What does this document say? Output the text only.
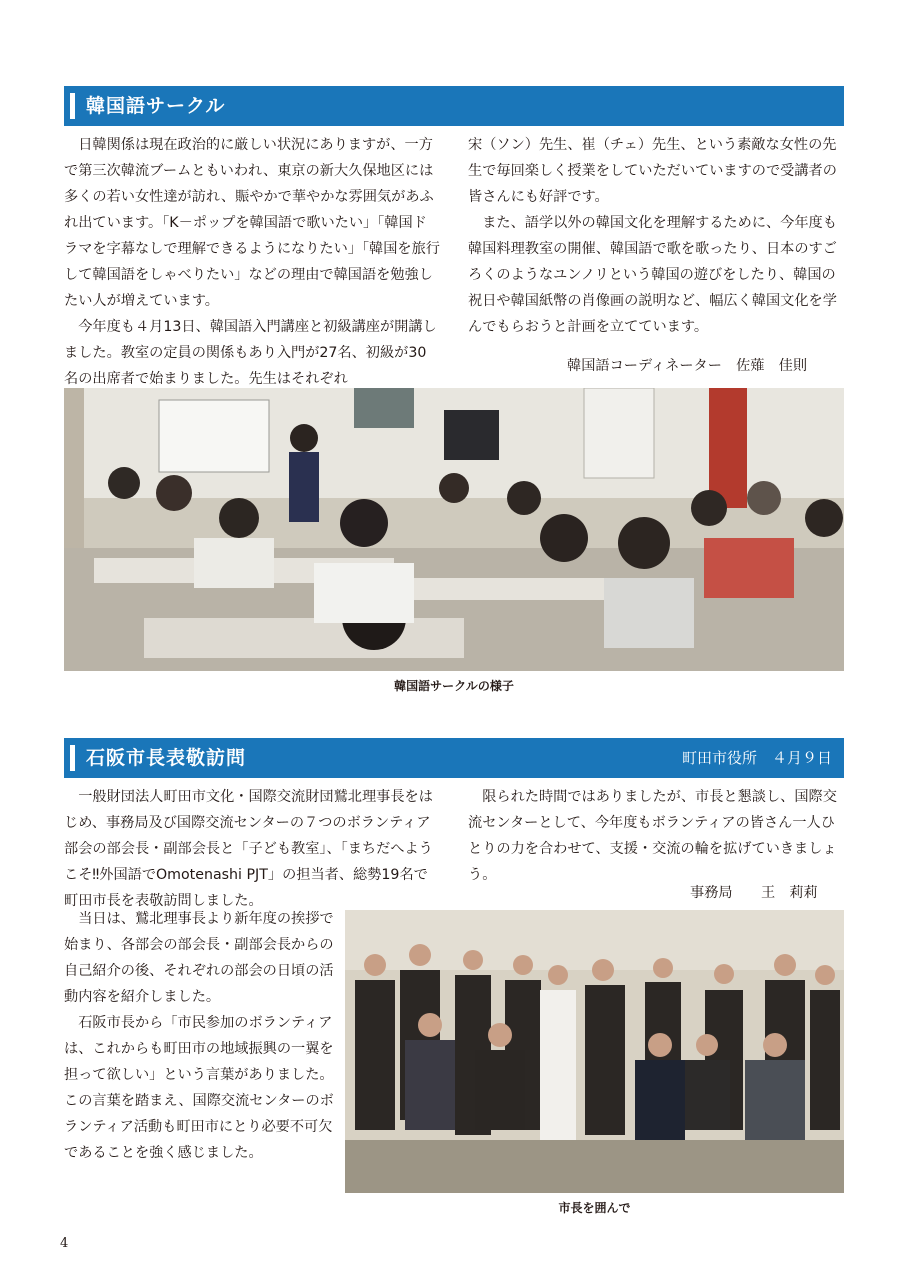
韓国語サークル

日韓関係は現在政治的に厳しい状況にありますが、一方で第三次韓流ブームともいわれ、東京の新大久保地区には多くの若い女性達が訪れ、賑やかで華やかな雰囲気があふれ出ています。「K－ポップを韓国語で歌いたい」「韓国ドラマを字幕なしで理解できるようになりたい」「韓国を旅行して韓国語をしゃべりたい」などの理由で韓国語を勉強したい人が増えています。

今年度も４月13日、韓国語入門講座と初級講座が開講しました。教室の定員の関係もあり入門が27名、初級が30名の出席者で始まりました。先生はそれぞれ

宋（ソン）先生、崔（チェ）先生、という素敵な女性の先生で毎回楽しく授業をしていただいていますので受講者の皆さんにも好評です。

また、語学以外の韓国文化を理解するために、今年度も韓国料理教室の開催、韓国語で歌を歌ったり、日本のすごろくのようなユンノリという韓国の遊びをしたり、韓国の祝日や韓国紙幣の肖像画の説明など、幅広く韓国文化を学んでもらおうと計画を立てています。

韓国語コーディネーター　佐薙　佳則
韓国語サークルの様子
石阪市長表敬訪問	町田市役所　４月９日

一般財団法人町田市文化・国際交流財団鷲北理事長をはじめ、事務局及び国際交流センターの７つのボランティア部会の部会長・副部会長と「子ども教室」、「まちだへようこそ‼外国語でOmotenashi PJT」の担当者、総勢19名で町田市長を表敬訪問しました。

当日は、鷲北理事長より新年度の挨拶で始まり、各部会の部会長・副部会長からの自己紹介の後、それぞれの部会の日頃の活動内容を紹介しました。

石阪市長から「市民参加のボランティアは、これからも町田市の地域振興の一翼を担って欲しい」という言葉がありました。この言葉を踏まえ、国際交流センターのボランティア活動も町田市にとり必要不可欠であることを強く感じました。

限られた時間ではありましたが、市長と懇談し、国際交流センターとして、今年度もボランティアの皆さん一人ひとりの力を合わせて、支援・交流の輪を拡げていきましょう。

事務局　　王　莉莉
市長を囲んで
4
